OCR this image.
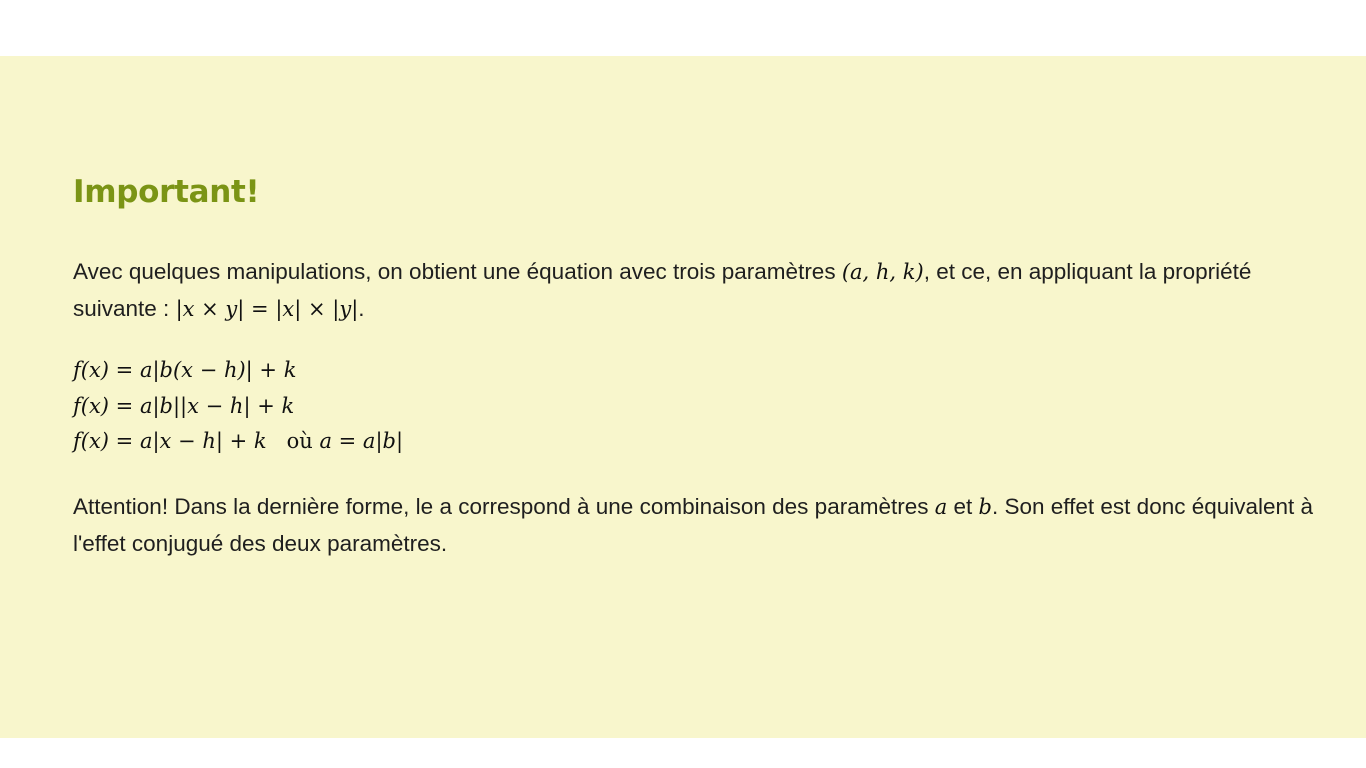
Important!

Avec quelques manipulations, on obtient une équation avec trois paramètres (a, h, k), et ce, en appliquant la propriété suivante : |x × y| = |x| × |y|.

f(x) = a|b(x − h)| + k
f(x) = a|b||x − h| + k
f(x) = a|x − h| + k où a = a|b|

Attention! Dans la dernière forme, le a correspond à une combinaison des paramètres a et b. Son effet est donc équivalent à l'effet conjugué des deux paramètres.
